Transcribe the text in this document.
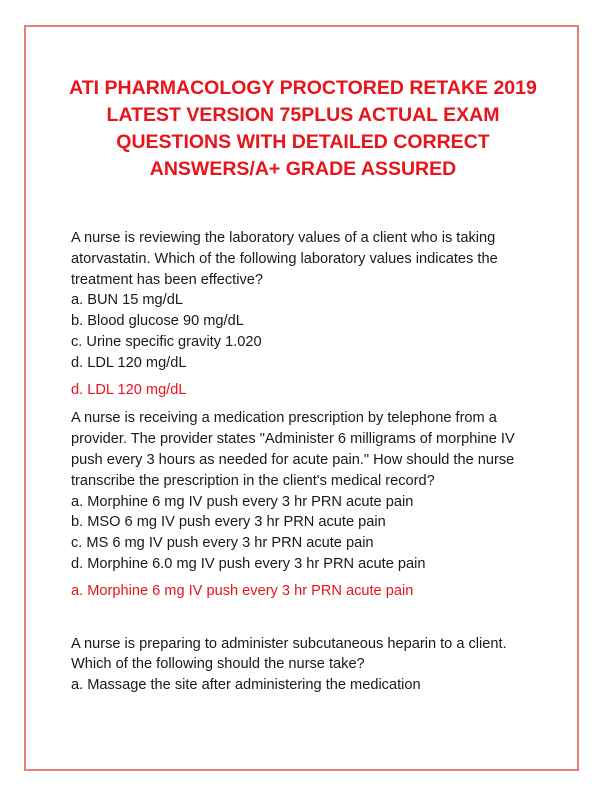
ATI PHARMACOLOGY PROCTORED RETAKE 2019
LATEST VERSION 75PLUS ACTUAL EXAM
QUESTIONS WITH DETAILED CORRECT
ANSWERS/A+ GRADE ASSURED

A nurse is reviewing the laboratory values of a client who is taking
atorvastatin. Which of the following laboratory values indicates the
treatment has been effective?

a. BUN 15 mg/dL

b. Blood glucose 90 mg/dL

c. Urine specific gravity 1.020

d. LDL 120 mg/dL

d. LDL 120 mg/dL

A nurse is receiving a medication prescription by telephone from a
provider. The provider states "Administer 6 milligrams of morphine IV
push every 3 hours as needed for acute pain." How should the nurse
transcribe the prescription in the client's medical record?

a. Morphine 6 mg IV push every 3 hr PRN acute pain

b. MSO 6 mg IV push every 3 hr PRN acute pain

c. MS 6 mg IV push every 3 hr PRN acute pain

d. Morphine 6.0 mg IV push every 3 hr PRN acute pain

a. Morphine 6 mg IV push every 3 hr PRN acute pain

A nurse is preparing to administer subcutaneous heparin to a client.
Which of the following should the nurse take?

a. Massage the site after administering the medication
